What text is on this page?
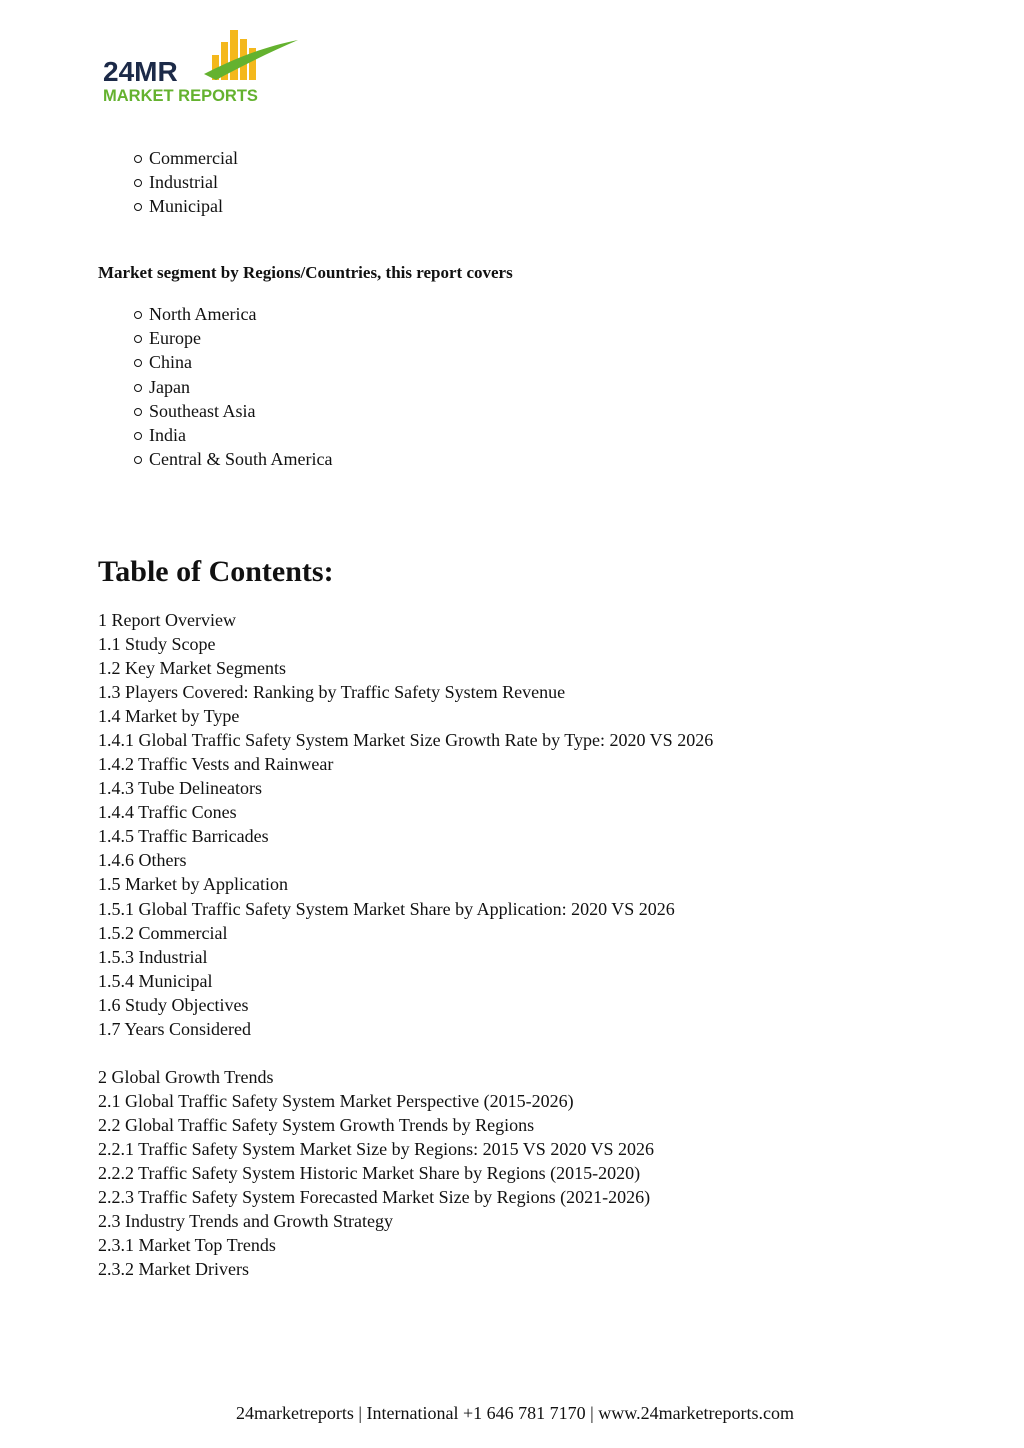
24MR
MARKET REPORTS
Commercial
Industrial
Municipal
Market segment by Regions/Countries, this report covers
North America
Europe
China
Japan
Southeast Asia
India
Central & South America
Table of Contents:
1 Report Overview
1.1 Study Scope
1.2 Key Market Segments
1.3 Players Covered: Ranking by Traffic Safety System Revenue
1.4 Market by Type
1.4.1 Global Traffic Safety System Market Size Growth Rate by Type: 2020 VS 2026
1.4.2 Traffic Vests and Rainwear
1.4.3 Tube Delineators
1.4.4 Traffic Cones
1.4.5 Traffic Barricades
1.4.6 Others
1.5 Market by Application
1.5.1 Global Traffic Safety System Market Share by Application: 2020 VS 2026
1.5.2 Commercial
1.5.3 Industrial
1.5.4 Municipal
1.6 Study Objectives
1.7 Years Considered
2 Global Growth Trends
2.1 Global Traffic Safety System Market Perspective (2015-2026)
2.2 Global Traffic Safety System Growth Trends by Regions
2.2.1 Traffic Safety System Market Size by Regions: 2015 VS 2020 VS 2026
2.2.2 Traffic Safety System Historic Market Share by Regions (2015-2020)
2.2.3 Traffic Safety System Forecasted Market Size by Regions (2021-2026)
2.3 Industry Trends and Growth Strategy
2.3.1 Market Top Trends
2.3.2 Market Drivers
24marketreports | International +1 646 781 7170 | www.24marketreports.com
